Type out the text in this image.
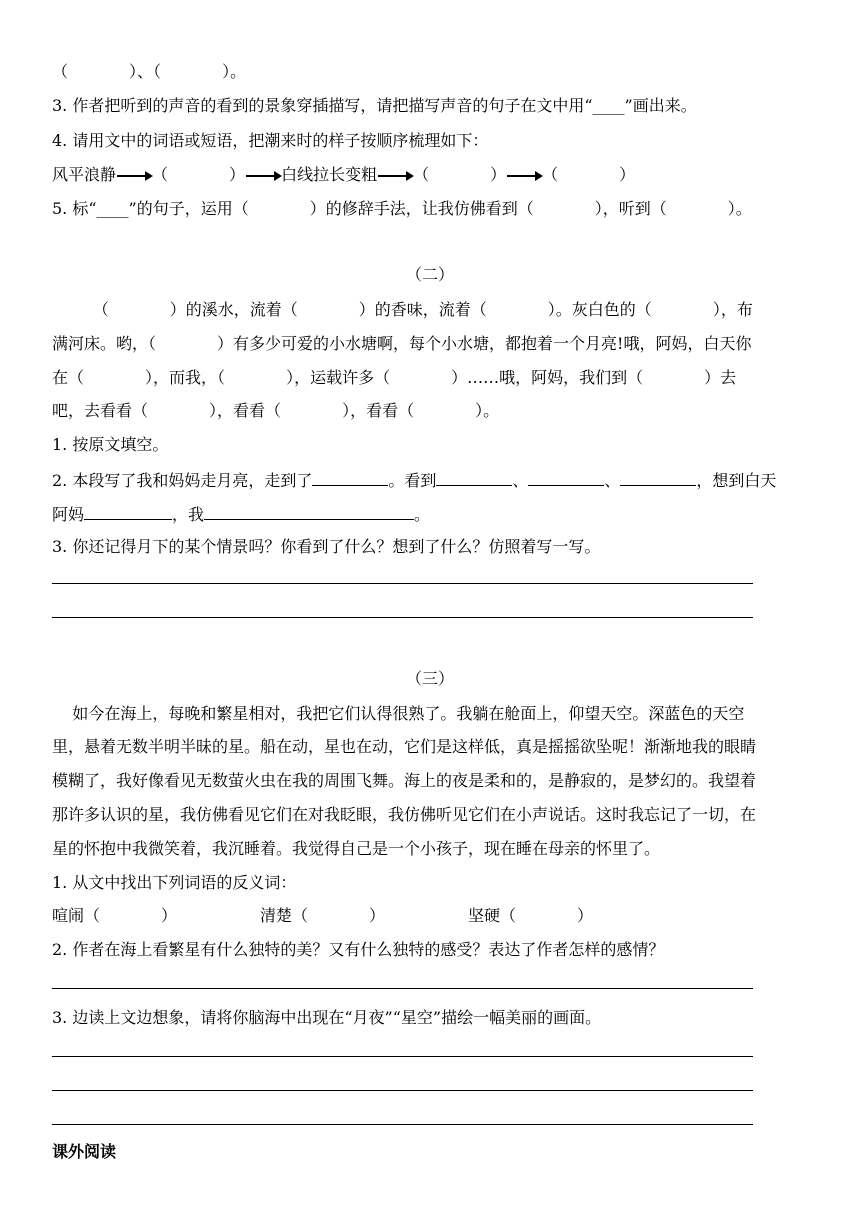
（            ）、（            ）。
3. 作者把听到的声音的看到的景象穿插描写，请把描写声音的句子在文中用“____”画出来。
4. 请用文中的词语或短语，把潮来时的样子按顺序梳理如下：
风平浪静 （            ） 白线拉长变粗 （            ） （            ）
5. 标“____”的句子，运用（            ）的修辞手法，让我仿佛看到（            ），听到（            ）。
（二）
（            ）的溪水，流着（            ）的香味，流着（            ）。灰白色的（            ），布
满河床。哟，（            ）有多少可爱的小水塘啊，每个小水塘，都抱着一个月亮!哦，阿妈，白天你
在（            ），而我，（            ），运载许多（            ）……哦，阿妈，我们到（            ）去
吧，去看看（            ），看看（            ），看看（            ）。
1. 按原文填空。
2. 本段写了我和妈妈走月亮，走到了	。看到	、	、	，想到白天
阿妈	，我	。
3. 你还记得月下的某个情景吗？你看到了什么？想到了什么？仿照着写一写。
（三）
如今在海上，每晚和繁星相对，我把它们认得很熟了。我躺在舱面上，仰望天空。深蓝色的天空
里，悬着无数半明半昧的星。船在动，星也在动，它们是这样低，真是摇摇欲坠呢！渐渐地我的眼睛
模糊了，我好像看见无数萤火虫在我的周围飞舞。海上的夜是柔和的，是静寂的，是梦幻的。我望着
那许多认识的星，我仿佛看见它们在对我眨眼，我仿佛听见它们在小声说话。这时我忘记了一切，在
星的怀抱中我微笑着，我沉睡着。我觉得自己是一个小孩子，现在睡在母亲的怀里了。
1. 从文中找出下列词语的反义词：
喧闹（            ）	清楚（            ）	坚硬（            ）
2. 作者在海上看繁星有什么独特的美？又有什么独特的感受？表达了作者怎样的感情？
3. 边读上文边想象，请将你脑海中出现在“月夜”“星空”描绘一幅美丽的画面。
课外阅读
